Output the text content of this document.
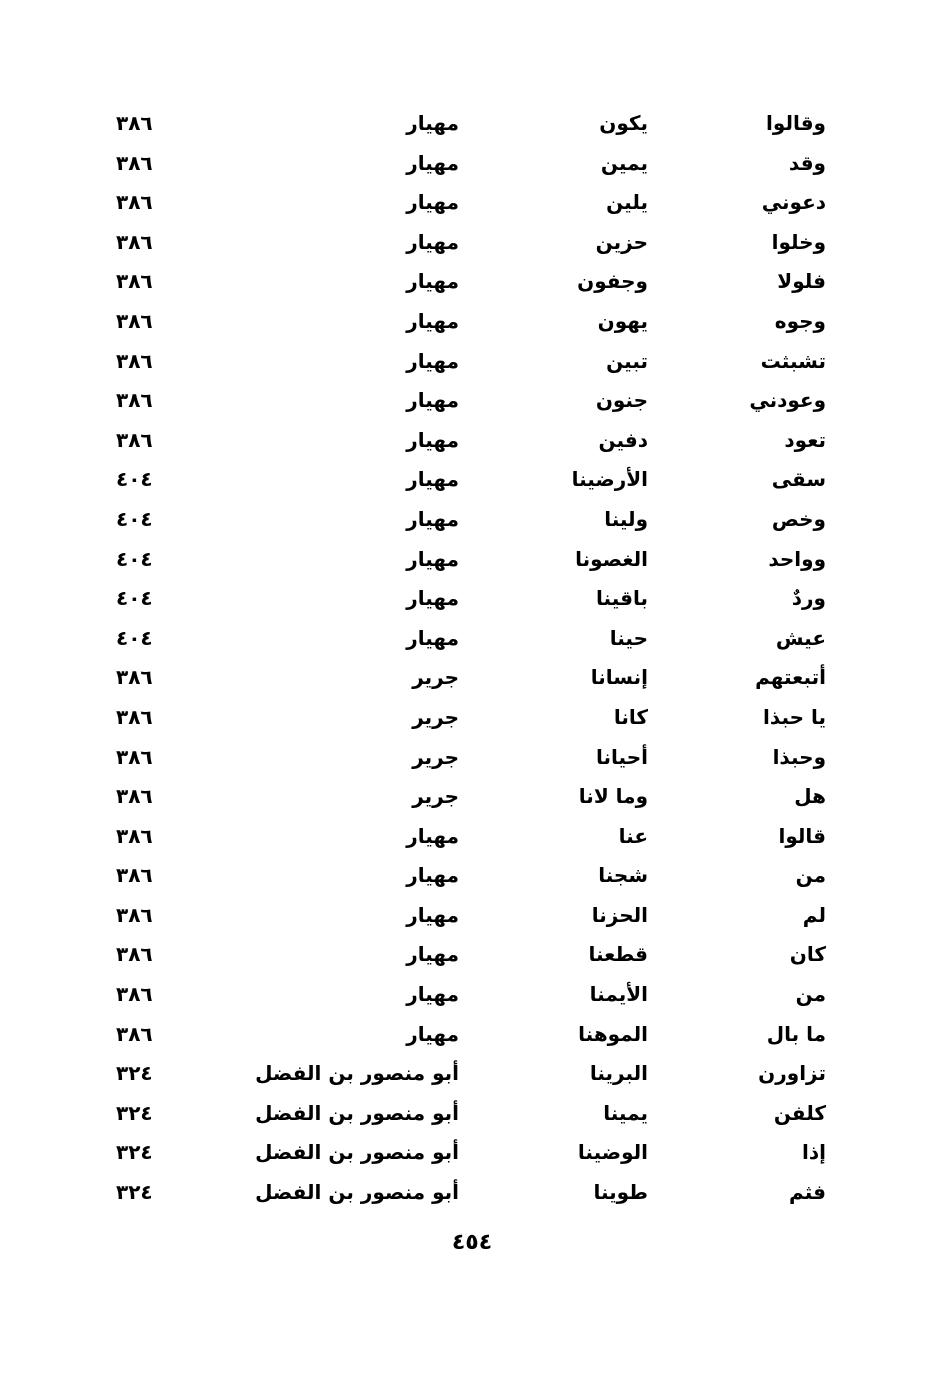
وقالوا
يكون
مهيار
٣٨٦
وقد
يمين
مهيار
٣٨٦
دعوني
يلين
مهيار
٣٨٦
وخلوا
حزين
مهيار
٣٨٦
فلولا
وجفون
مهيار
٣٨٦
وجوه
يهون
مهيار
٣٨٦
تشبثت
تبين
مهيار
٣٨٦
وعودني
جنون
مهيار
٣٨٦
تعود
دفين
مهيار
٣٨٦
سقى
الأرضينا
مهيار
٤٠٤
وخص
ولينا
مهيار
٤٠٤
وواحد
الغصونا
مهيار
٤٠٤
وردٌ
باقينا
مهيار
٤٠٤
عيش
حينا
مهيار
٤٠٤
أتبعتهم
إنسانا
جرير
٣٨٦
يا حبذا
كانا
جرير
٣٨٦
وحبذا
أحيانا
جرير
٣٨٦
هل
وما لانا
جرير
٣٨٦
قالوا
عنا
مهيار
٣٨٦
من
شجنا
مهيار
٣٨٦
لم
الحزنا
مهيار
٣٨٦
كان
قطعنا
مهيار
٣٨٦
من
الأيمنا
مهيار
٣٨٦
ما بال
الموهنا
مهيار
٣٨٦
تزاورن
البرينا
أبو منصور بن الفضل
٣٢٤
كلفن
يمينا
أبو منصور بن الفضل
٣٢٤
إذا
الوضينا
أبو منصور بن الفضل
٣٢٤
فثم
طوينا
أبو منصور بن الفضل
٣٢٤
٤٥٤
